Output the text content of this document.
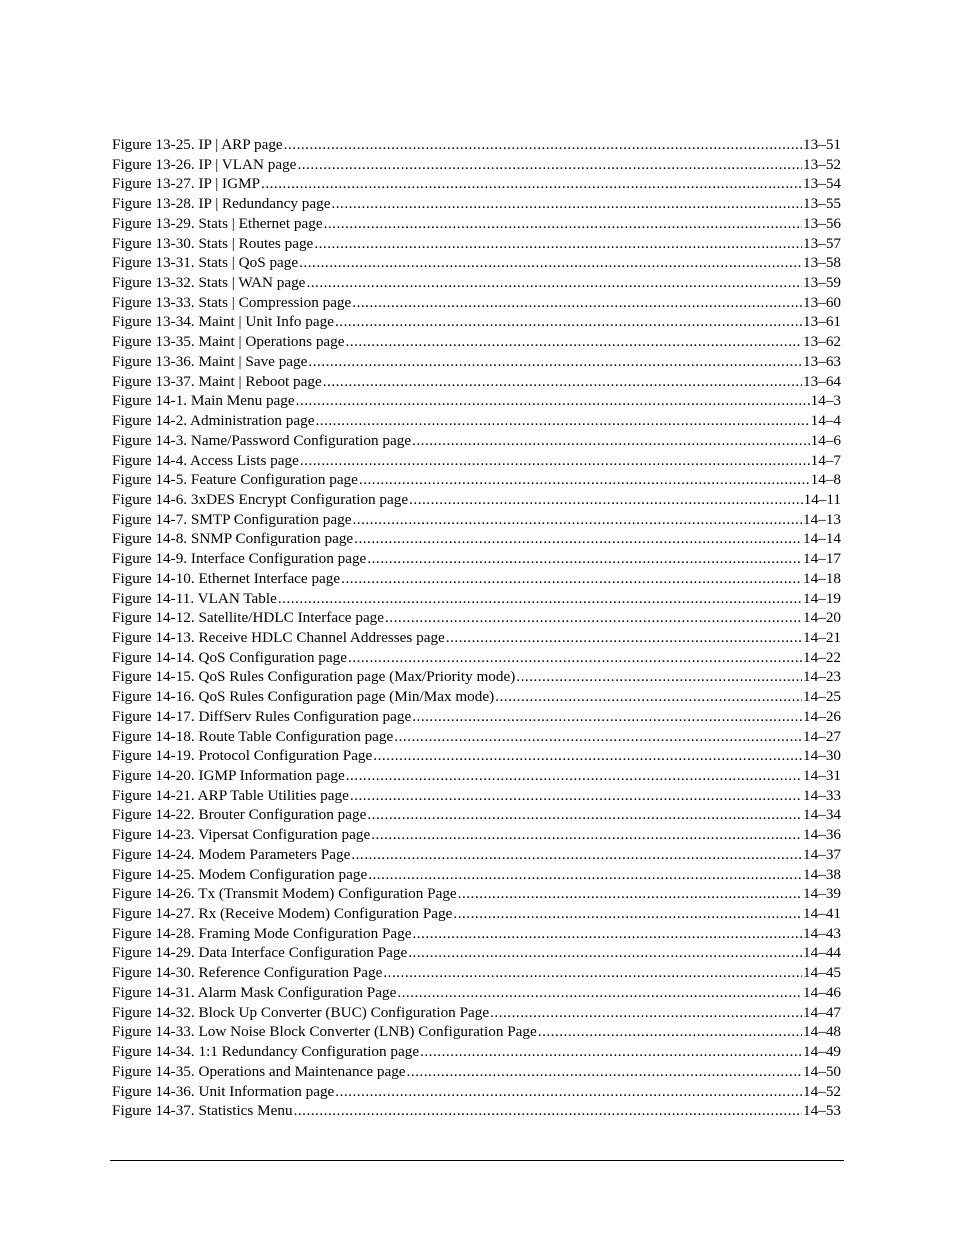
Figure 13-25. IP | ARP page .....	13–51
Figure 13-26. IP | VLAN page .....	13–52
Figure 13-27. IP | IGMP .....	13–54
Figure 13-28. IP | Redundancy page .....	13–55
Figure 13-29. Stats | Ethernet page .....	13–56
Figure 13-30. Stats | Routes page .....	13–57
Figure 13-31. Stats | QoS page .....	13–58
Figure 13-32. Stats | WAN page .....	13–59
Figure 13-33. Stats | Compression page .....	13–60
Figure 13-34. Maint | Unit Info page .....	13–61
Figure 13-35. Maint | Operations page .....	13–62
Figure 13-36. Maint | Save page .....	13–63
Figure 13-37. Maint | Reboot page .....	13–64
Figure 14-1. Main Menu page .....	14–3
Figure 14-2. Administration page .....	14–4
Figure 14-3. Name/Password Configuration page .....	14–6
Figure 14-4. Access Lists page .....	14–7
Figure 14-5. Feature Configuration page .....	14–8
Figure 14-6. 3xDES Encrypt Configuration page .....	14–11
Figure 14-7. SMTP Configuration page .....	14–13
Figure 14-8. SNMP Configuration page .....	14–14
Figure 14-9. Interface Configuration page .....	14–17
Figure 14-10. Ethernet Interface page .....	14–18
Figure 14-11. VLAN Table .....	14–19
Figure 14-12. Satellite/HDLC Interface page .....	14–20
Figure 14-13. Receive HDLC Channel Addresses page .....	14–21
Figure 14-14. QoS Configuration page .....	14–22
Figure 14-15. QoS Rules Configuration page (Max/Priority mode) .....	14–23
Figure 14-16. QoS Rules Configuration page (Min/Max mode) .....	14–25
Figure 14-17. DiffServ Rules Configuration page .....	14–26
Figure 14-18. Route Table Configuration page .....	14–27
Figure 14-19. Protocol Configuration Page .....	14–30
Figure 14-20. IGMP Information page .....	14–31
Figure 14-21. ARP Table Utilities page .....	14–33
Figure 14-22. Brouter Configuration page .....	14–34
Figure 14-23. Vipersat Configuration page .....	14–36
Figure 14-24. Modem Parameters Page .....	14–37
Figure 14-25. Modem Configuration page .....	14–38
Figure 14-26. Tx (Transmit Modem) Configuration Page .....	14–39
Figure 14-27. Rx (Receive Modem) Configuration Page .....	14–41
Figure 14-28. Framing Mode Configuration Page .....	14–43
Figure 14-29. Data Interface Configuration Page .....	14–44
Figure 14-30. Reference Configuration Page .....	14–45
Figure 14-31. Alarm Mask Configuration Page .....	14–46
Figure 14-32. Block Up Converter (BUC) Configuration Page .....	14–47
Figure 14-33. Low Noise Block Converter (LNB) Configuration Page .....	14–48
Figure 14-34. 1:1 Redundancy Configuration page .....	14–49
Figure 14-35. Operations and Maintenance page .....	14–50
Figure 14-36. Unit Information page .....	14–52
Figure 14-37. Statistics Menu .....	14–53
